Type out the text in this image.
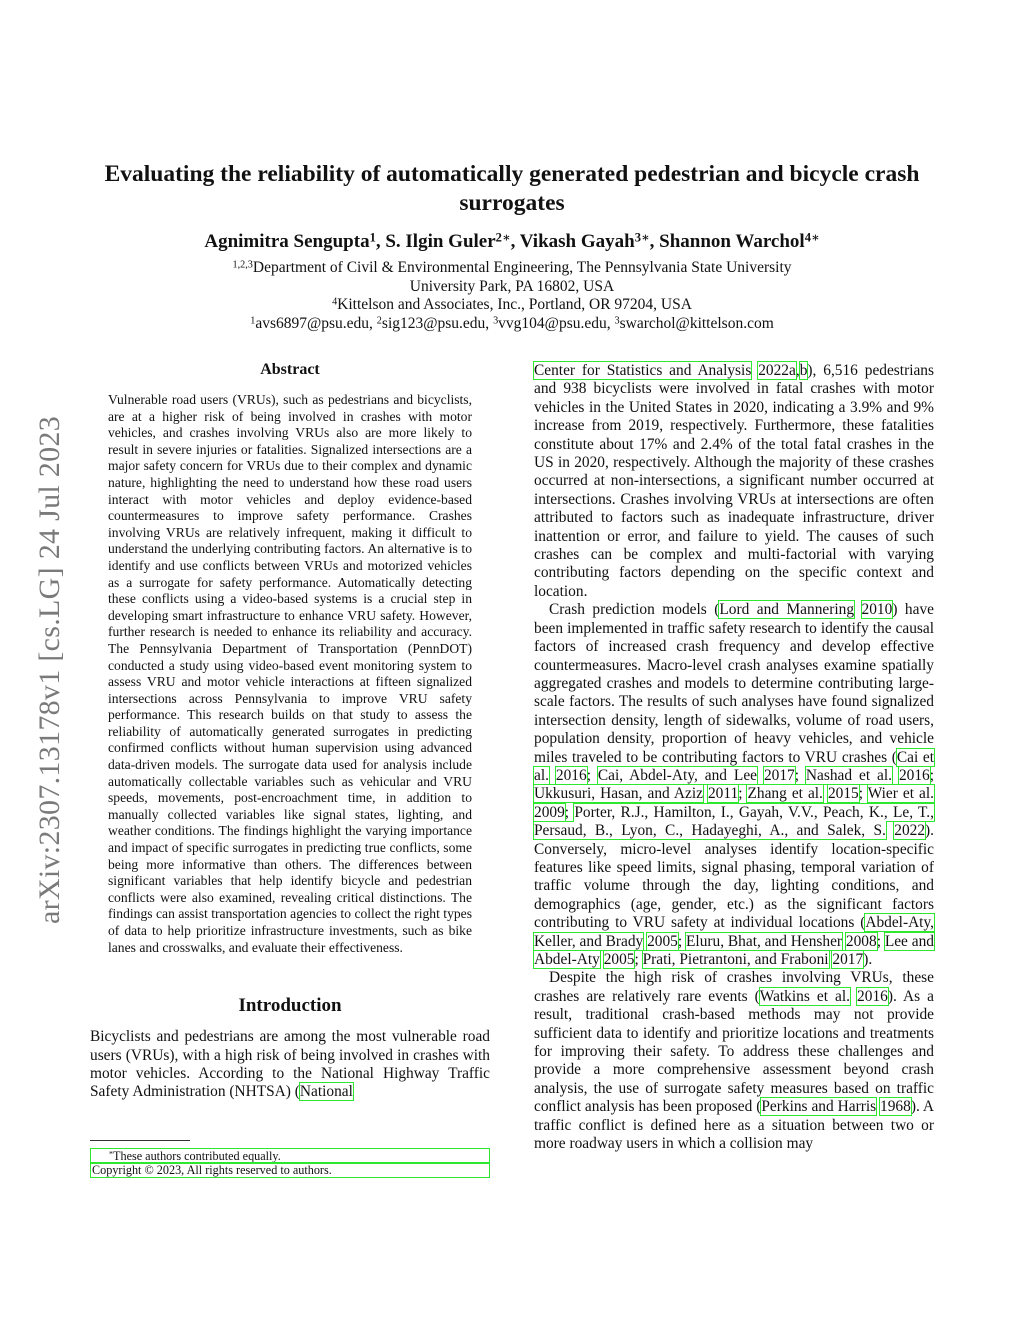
arXiv:2307.13178v1 [cs.LG] 24 Jul 2023
Evaluating the reliability of automatically generated pedestrian and bicycle crash surrogates
Agnimitra Sengupta$^1$, S. Ilgin Guler$^{2∗}$, Vikash Gayah$^{3∗}$, Shannon Warchol$^{4∗}$
$^{1,2,3}$Department of Civil & Environmental Engineering, The Pennsylvania State University
University Park, PA 16802, USA
$^4$Kittelson and Associates, Inc., Portland, OR 97204, USA
$^1$avs6897@psu.edu, $^2$sig123@psu.edu, $^3$vvg104@psu.edu, $^3$swarchol@kittelson.com
Abstract

Vulnerable road users (VRUs), such as pedestrians and bicyclists, are at a higher risk of being involved in crashes with motor vehicles, and crashes involving VRUs also are more likely to result in severe injuries or fatalities. Signalized intersections are a major safety concern for VRUs due to their complex and dynamic nature, highlighting the need to understand how these road users interact with motor vehicles and deploy evidence-based countermeasures to improve safety performance. Crashes involving VRUs are relatively infrequent, making it difficult to understand the underlying contributing factors. An alternative is to identify and use conflicts between VRUs and motorized vehicles as a surrogate for safety performance. Automatically detecting these conflicts using a video-based systems is a crucial step in developing smart infrastructure to enhance VRU safety. However, further research is needed to enhance its reliability and accuracy. The Pennsylvania Department of Transportation (PennDOT) conducted a study using video-based event monitoring system to assess VRU and motor vehicle interactions at fifteen signalized intersections across Pennsylvania to improve VRU safety performance. This research builds on that study to assess the reliability of automatically generated surrogates in predicting confirmed conflicts without human supervision using advanced data-driven models. The surrogate data used for analysis include automatically collectable variables such as vehicular and VRU speeds, movements, post-encroachment time, in addition to manually collected variables like signal states, lighting, and weather conditions. The findings highlight the varying importance and impact of specific surrogates in predicting true conflicts, some being more informative than others. The differences between significant variables that help identify bicycle and pedestrian conflicts were also examined, revealing critical distinctions. The findings can assist transportation agencies to collect the right types of data to help prioritize infrastructure investments, such as bike lanes and crosswalks, and evaluate their effectiveness.

Introduction

Bicyclists and pedestrians are among the most vulnerable road users (VRUs), with a high risk of being involved in crashes with motor vehicles. According to the National Highway Traffic Safety Administration (NHTSA) (National

Center for Statistics and Analysis 2022a,b), 6,516 pedestrians and 938 bicyclists were involved in fatal crashes with motor vehicles in the United States in 2020, indicating a 3.9% and 9% increase from 2019, respectively. Furthermore, these fatalities constitute about 17% and 2.4% of the total fatal crashes in the US in 2020, respectively. Although the majority of these crashes occurred at non-intersections, a significant number occurred at intersections. Crashes involving VRUs at intersections are often attributed to factors such as inadequate infrastructure, driver inattention or error, and failure to yield. The causes of such crashes can be complex and multi-factorial with varying contributing factors depending on the specific context and location.

Crash prediction models (Lord and Mannering 2010) have been implemented in traffic safety research to identify the causal factors of increased crash frequency and develop effective countermeasures. Macro-level crash analyses examine spatially aggregated crashes and models to determine contributing large-scale factors. The results of such analyses have found signalized intersection density, length of sidewalks, volume of road users, population density, proportion of heavy vehicles, and vehicle miles traveled to be contributing factors to VRU crashes (Cai et al. 2016; Cai, Abdel-Aty, and Lee 2017; Nashad et al. 2016; Ukkusuri, Hasan, and Aziz 2011; Zhang et al. 2015; Wier et al. 2009; Porter, R.J., Hamilton, I., Gayah, V.V., Peach, K., Le, T., Persaud, B., Lyon, C., Hadayeghi, A., and Salek, S. 2022). Conversely, micro-level analyses identify location-specific features like speed limits, signal phasing, temporal variation of traffic volume through the day, lighting conditions, and demographics (age, gender, etc.) as the significant factors contributing to VRU safety at individual locations (Abdel-Aty, Keller, and Brady 2005; Eluru, Bhat, and Hensher 2008; Lee and Abdel-Aty 2005; Prati, Pietrantoni, and Fraboni 2017).

Despite the high risk of crashes involving VRUs, these crashes are relatively rare events (Watkins et al. 2016). As a result, traditional crash-based methods may not provide sufficient data to identify and prioritize locations and treatments for improving their safety. To address these challenges and provide a more comprehensive assessment beyond crash analysis, the use of surrogate safety measures based on traffic conflict analysis has been proposed (Perkins and Harris 1968). A traffic conflict is defined here as a situation between two or more roadway users in which a collision may

*These authors contributed equally.
Copyright © 2023, All rights reserved to authors.
